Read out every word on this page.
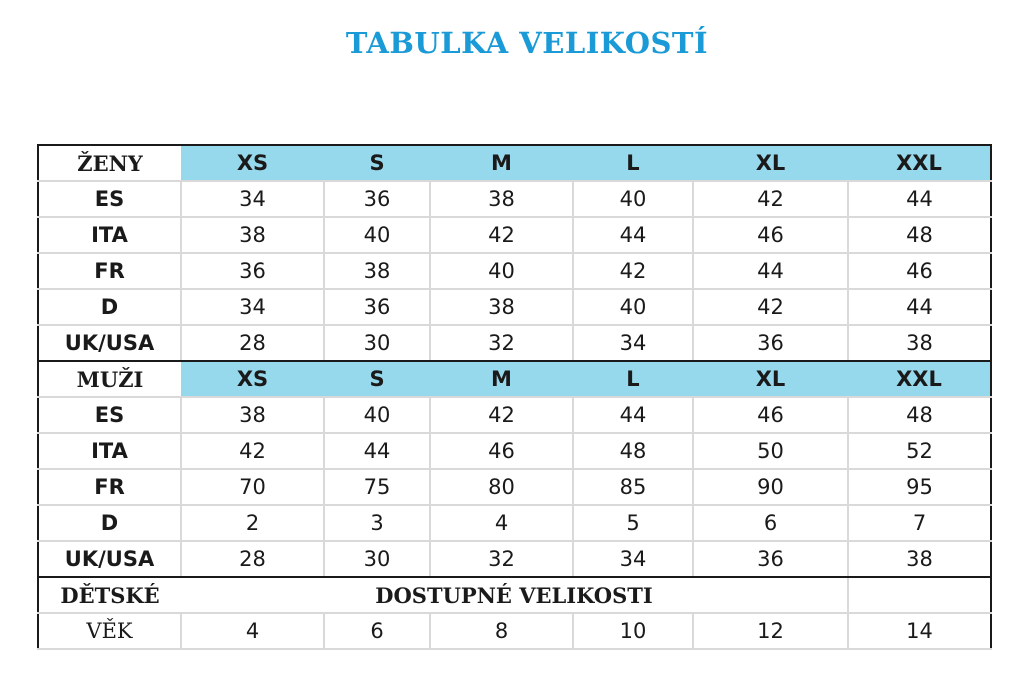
TABULKA VELIKOSTÍ
ŽENY	XS	S	M	L	XL	XXL
ES	34	36	38	40	42	44
ITA	38	40	42	44	46	48
FR	36	38	40	42	44	46
D	34	36	38	40	42	44
UK/USA	28	30	32	34	36	38
MUŽI	XS	S	M	L	XL	XXL
ES	38	40	42	44	46	48
ITA	42	44	46	48	50	52
FR	70	75	80	85	90	95
D	2	3	4	5	6	7
UK/USA	28	30	32	34	36	38
DĚTSKÉ	DOSTUPNÉ VELIKOSTI					
VĚK	4	6	8	10	12	14
